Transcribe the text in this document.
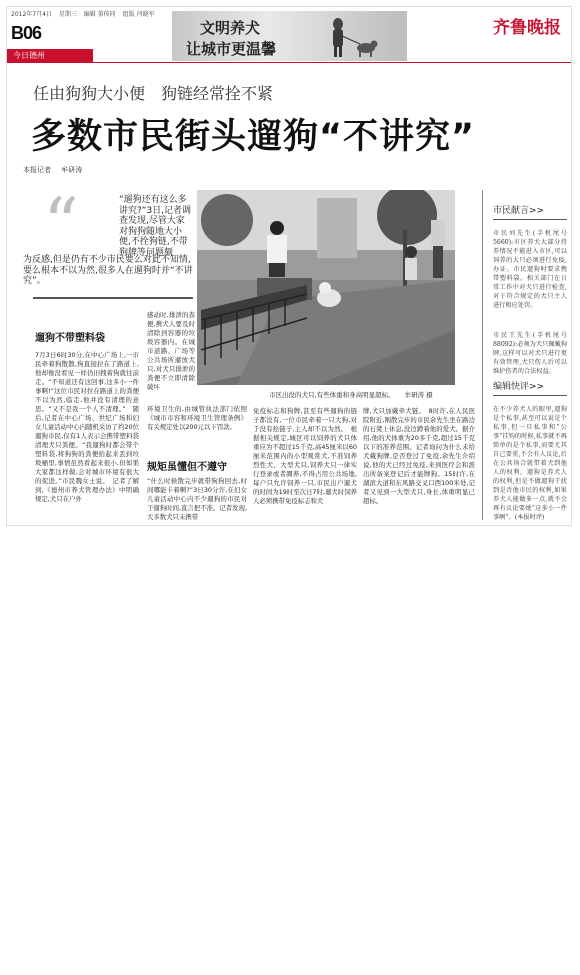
2012年7月4日 星期三 编辑 董传同 组版 闫晓军
B06
今日德州
文明养犬
让城市更温馨
齐鲁晚报
任由狗狗大小便　狗链经常拴不紧
多数市民街头遛狗“不讲究”
本报记者 牟研涛
“	“遛狗还有这么多讲究?”3日,记者调查发现,尽管大家对狗狗随地大小便,不拴狗链,不带狗牌等问题颇
为反感,但是仍有不少市民要么对此不知情,要么根本不以为然,很多人在遛狗时并“不讲究”。
遛狗不带塑料袋
7月3日6时30分,在中心广场上,一市民牵着狗散散,狗直接拉在了路道上,他却像没看见一样仍旧拽着狗就往前走。“不知道还有这回事,这多小一件事啊!”这位市民对拉在路道上的粪便不以为然,临走,他并没有清理的意思。“又不是我一个人不清理。”　随后,记者在中心广场、世纪广场和妇女儿童活动中心内随机采访了约20位遛狗市民,仅有1人表示会携带塑料袋清理犬只粪便。“我遛狗时都会带个塑料袋,将狗狗的粪便拾起来丢到垃圾桶里,事情虽然看起来很小,但如果大家都这样做,会对城市环境有很大的促进。”市民魏女士说。　记者了解到,《德州市养犬管理办法》中明确规定,犬只在户外
感动时,排泄的粪便,携犬人要及时清除到容器的垃圾容器内。在城市道路、广场等公共场所遛放犬只,对犬只排泄的粪便不立即清除破坏
环境卫生的,由城管执法部门依照《城市市容和环境卫生管理条例》有关规定处以200元以下罚款。
规矩虽懂但不遵守
“什么时候散完步就带狗狗回去,时间哪能卡着啊?”3日30分许,在妇女儿童活动中心内不少遛狗的市民对于遛狗时间,直言把不准。记者发现,大多数犬只未携带
市区出没的犬只,有些体重和身高明显超标。 牟研涛 摄
免疫标志和狗牌,甚至有些遛狗的链子都没有,一位市民牵着一只大狗,对于没有拴链子,主人却不以为然。　根据相关规定,城区可以饲养的犬只体重应为不超过15千克,高45厘米以60厘米范围内的小型观赏犬,不准饲养烈性犬、大型犬只,饲养犬只一律实行登录或者圈养,不得占用公共场地,每户只允许饲养一只,市民出户遛犬的时间为19时至次日7时,遛犬时饲养人必须携带免疫标志和犬
牌,犬只加戴牵犬链。　8时许,在人民医院附近,刚散完步的市民余先生坐在路边的石凳上休息,没边蹲着他的爱犬。据介绍,他的犬体重为20多千克,超过15千克以下的准养范围。记者询问为什么未给犬戴狗牌,是否登过了免疫,余先生介绍说,他的犬已经过免疫,来到医疗会和派出所备案登记后才能牌狗。15时许,在湖滨大道和东风路交叉口西100米处,记者又见到一大型犬只,身长,体重明显已超标。
市民献言>>
市民刘先生(手机尾号5660):市区养犬大部分持养情况不能进入市区,可以饲养的大只必须进行免疫,办证。市民遛狗时要求携带塑料袋。相关部门在日常工作中对犬只进行检查,对于符合规定的犬只主人进行相应处罚。
市民王先生(手机尾号88092):必须为犬只佩戴狗牌,这样可以对犬只进行更有效管理,犬只伤人后可以维护伤者的合法权益。
编辑快评>>
在不少养犬人的眼里,遛狗是个私事,甚至可以说是个私事,但一旦私事和“公事”挂钩的时候,私事就不再简单的是个私事,而要尤其自己要重,不会有人议论,后在公共场合就带着犬到他人的权利。遛狗是养犬人的权利,但是不做遛狗干扰到是否他市民的权利,如果养犬人能做多一点,就不会再有议论要她“这多小一件事啊”。(本报时评)
